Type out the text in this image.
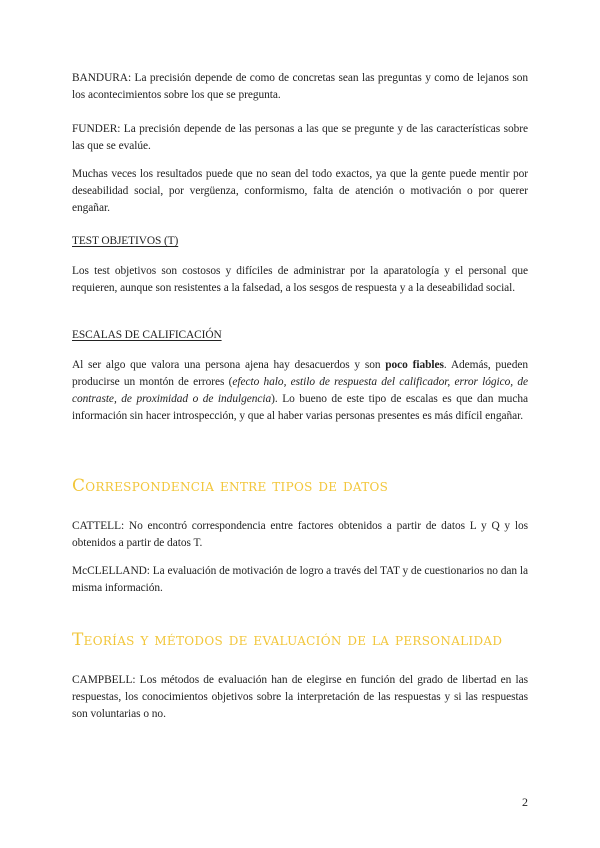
BANDURA: La precisión depende de como de concretas sean las preguntas y como de lejanos son los acontecimientos sobre los que se pregunta.

FUNDER: La precisión depende de las personas a las que se pregunte y de las características sobre las que se evalúe.

Muchas veces los resultados puede que no sean del todo exactos, ya que la gente puede mentir por deseabilidad social, por vergüenza, conformismo, falta de atención o motivación o por querer engañar.

TEST OBJETIVOS (T)

Los test objetivos son costosos y difíciles de administrar por la aparatología y el personal que requieren, aunque son resistentes a la falsedad, a los sesgos de respuesta y a la deseabilidad social.

ESCALAS DE CALIFICACIÓN

Al ser algo que valora una persona ajena hay desacuerdos y son poco fiables. Además, pueden producirse un montón de errores (efecto halo, estilo de respuesta del calificador, error lógico, de contraste, de proximidad o de indulgencia). Lo bueno de este tipo de escalas es que dan mucha información sin hacer introspección, y que al haber varias personas presentes es más difícil engañar.

Correspondencia entre tipos de datos

CATTELL: No encontró correspondencia entre factores obtenidos a partir de datos L y Q y los obtenidos a partir de datos T.

McCLELLAND: La evaluación de motivación de logro a través del TAT y de cuestionarios no dan la misma información.

Teorías y métodos de evaluación de la personalidad

CAMPBELL: Los métodos de evaluación han de elegirse en función del grado de libertad en las respuestas, los conocimientos objetivos sobre la interpretación de las respuestas y si las respuestas son voluntarias o no.

2
